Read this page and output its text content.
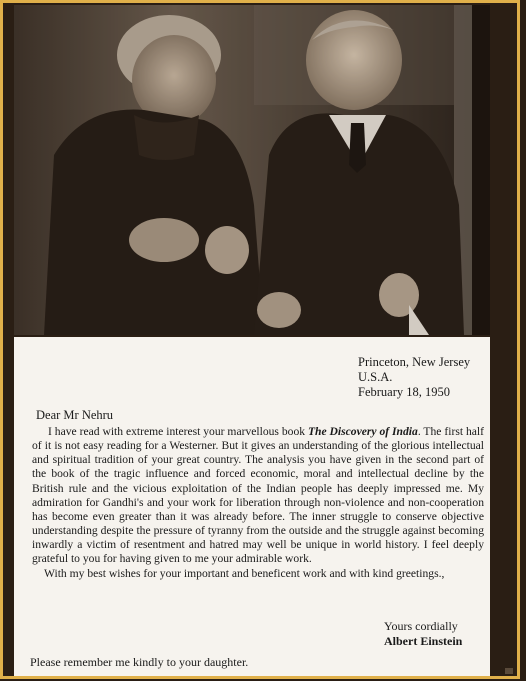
Princeton, New Jersey
U.S.A.
February 18, 1950
Dear Mr Nehru

I have read with extreme interest your marvellous book The Discovery of India. The first half of it is not easy reading for a Westerner. But it gives an understanding of the glorious intellectual and spiritual tradition of your great country. The analysis you have given in the second part of the book of the tragic influence and forced economic, moral and intellectual decline by the British rule and the vicious exploitation of the Indian people has deeply impressed me. My admiration for Gandhi's and your work for liberation through non-violence and non-cooperation has become even greater than it was already before. The inner struggle to conserve objective understanding despite the pressure of tyranny from the outside and the struggle against becoming inwardly a victim of resentment and hatred may well be unique in world history. I feel deeply grateful to you for having given to me your admirable work.

With my best wishes for your important and beneficent work and with kind greetings.,

Yours cordially
Albert Einstein
Please remember me kindly to your daughter.
